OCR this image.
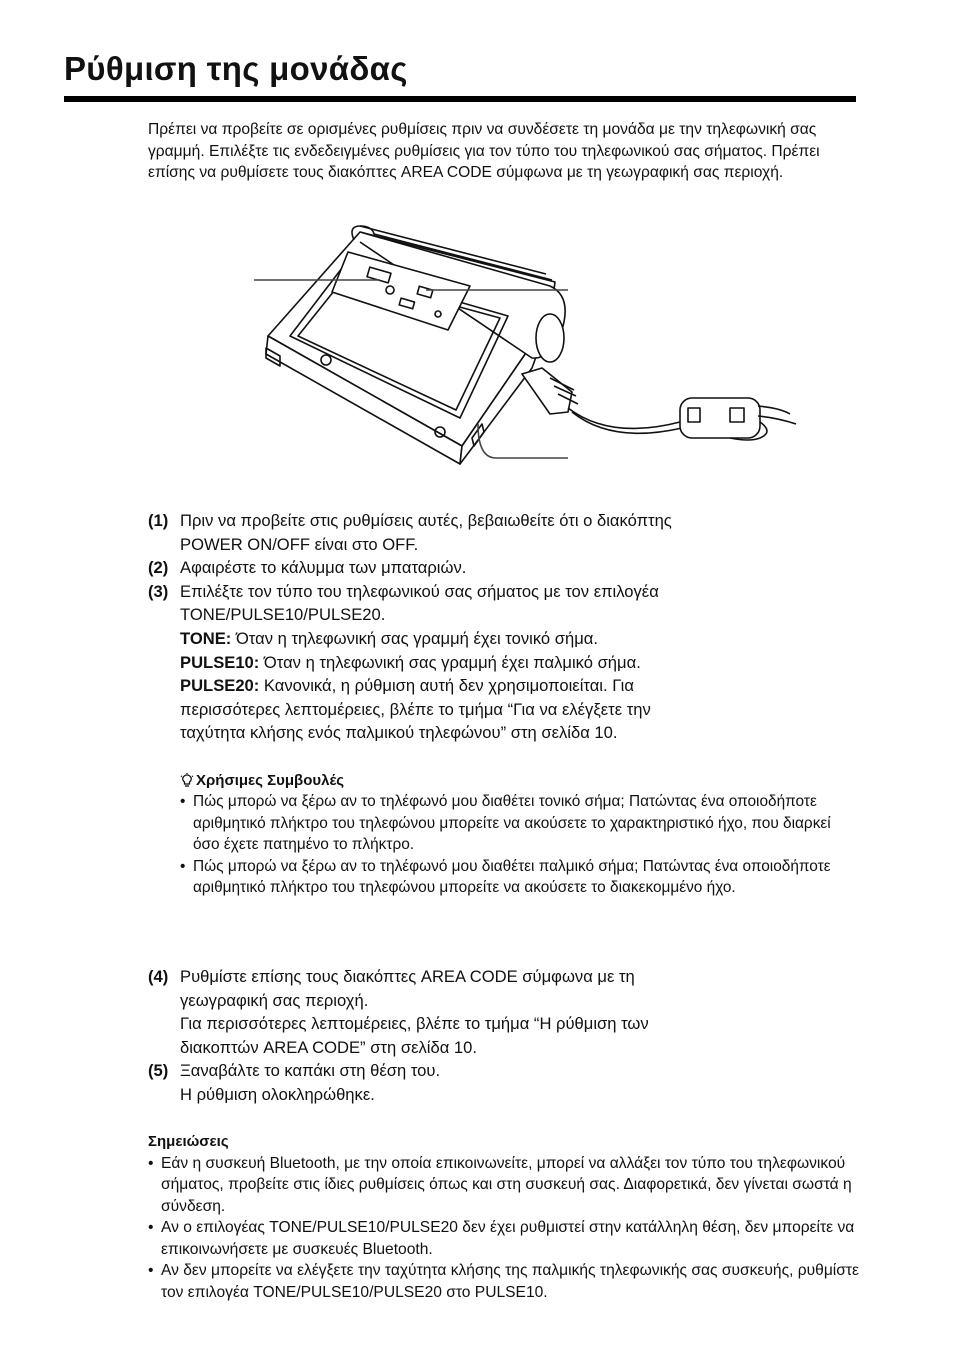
Ρύθμιση της μονάδας

Πρέπει να προβείτε σε ορισμένες ρυθμίσεις πριν να συνδέσετε τη μονάδα με την τηλεφωνική σας γραμμή. Επιλέξτε τις ενδεδειγμένες ρυθμίσεις για τον τύπο του τηλεφωνικού σας σήματος. Πρέπει επίσης να ρυθμίσετε τους διακόπτες AREA CODE σύμφωνα με τη γεωγραφική σας περιοχή.

(1) Πριν να προβείτε στις ρυθμίσεις αυτές, βεβαιωθείτε ότι ο διακόπτης
POWER ON/OFF είναι στο OFF.
(2) Αφαιρέστε το κάλυμμα των μπαταριών.
(3) Επιλέξτε τον τύπο του τηλεφωνικού σας σήματος με τον επιλογέα
TONE/PULSE10/PULSE20.
TONE: Όταν η τηλεφωνική σας γραμμή έχει τονικό σήμα.
PULSE10: Όταν η τηλεφωνική σας γραμμή έχει παλμικό σήμα.
PULSE20: Κανονικά, η ρύθμιση αυτή δεν χρησιμοποιείται. Για
περισσότερες λεπτομέρειες, βλέπε το τμήμα “Για να ελέγξετε την
ταχύτητα κλήσης ενός παλμικού τηλεφώνου” στη σελίδα 10.
Χρήσιμες Συμβουλές
• Πώς μπορώ να ξέρω αν το τηλέφωνό μου διαθέτει τονικό σήμα; Πατώντας ένα οποιοδήποτε αριθμητικό πλήκτρο του τηλεφώνου μπορείτε να ακούσετε το χαρακτηριστικό ήχο, που διαρκεί όσο έχετε πατημένο το πλήκτρο.
• Πώς μπορώ να ξέρω αν το τηλέφωνό μου διαθέτει παλμικό σήμα; Πατώντας ένα οποιοδήποτε αριθμητικό πλήκτρο του τηλεφώνου μπορείτε να ακούσετε το διακεκομμένο ήχο.
(4) Ρυθμίστε επίσης τους διακόπτες AREA CODE σύμφωνα με τη
γεωγραφική σας περιοχή.
Για περισσότερες λεπτομέρειες, βλέπε το τμήμα “Η ρύθμιση των
διακοπτών AREA CODE” στη σελίδα 10.
(5) Ξαναβάλτε το καπάκι στη θέση του.
Η ρύθμιση ολοκληρώθηκε.
Σημειώσεις
• Εάν η συσκευή Bluetooth, με την οποία επικοινωνείτε, μπορεί να αλλάξει τον τύπο του τηλεφωνικού σήματος, προβείτε στις ίδιες ρυθμίσεις όπως και στη συσκευή σας. Διαφορετικά, δεν γίνεται σωστά η σύνδεση.
• Αν ο επιλογέας TONE/PULSE10/PULSE20 δεν έχει ρυθμιστεί στην κατάλληλη θέση, δεν μπορείτε να επικοινωνήσετε με συσκευές Bluetooth.
• Αν δεν μπορείτε να ελέγξετε την ταχύτητα κλήσης της παλμικής τηλεφωνικής σας συσκευής, ρυθμίστε τον επιλογέα TONE/PULSE10/PULSE20 στο PULSE10.
